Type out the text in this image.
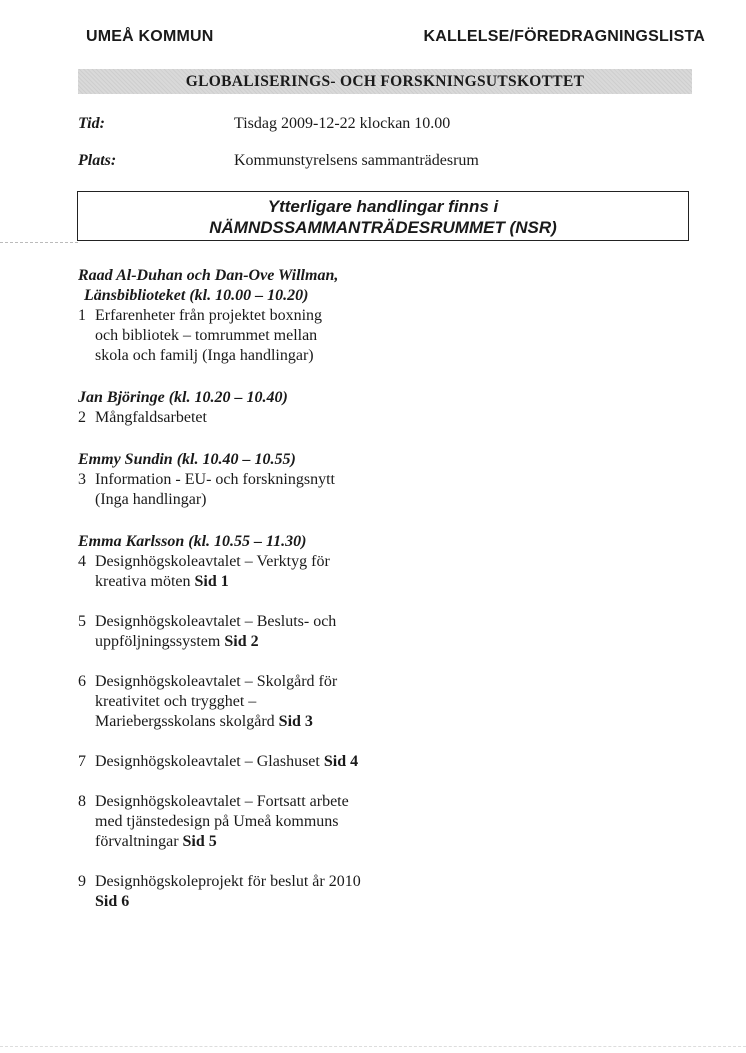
UMEÅ KOMMUN	KALLELSE/FÖREDRAGNINGSLISTA
GLOBALISERINGS- OCH FORSKNINGSUTSKOTTET
Tid:	Tisdag 2009-12-22 klockan 10.00
Plats:	Kommunstyrelsens sammanträdesrum
Ytterligare handlingar finns i
NÄMNDSSAMMANTRÄDESRUMMET (NSR)
Raad Al-Duhan och Dan-Ove Willman,
Länsbiblioteket (kl. 10.00 – 10.20)
1 Erfarenheter från projektet boxning
och bibliotek – tomrummet mellan
skola och familj (Inga handlingar)
Jan Björinge (kl. 10.20 – 10.40)
2 Mångfaldsarbetet
Emmy Sundin (kl. 10.40 – 10.55)
3 Information - EU- och forskningsnytt
(Inga handlingar)
Emma Karlsson (kl. 10.55 – 11.30)
4 Designhögskoleavtalet – Verktyg för
kreativa möten Sid 1
5 Designhögskoleavtalet – Besluts- och
uppföljningssystem Sid 2
6 Designhögskoleavtalet – Skolgård för
kreativitet och trygghet –
Mariebergsskolans skolgård Sid 3
7 Designhögskoleavtalet – Glashuset Sid 4
8 Designhögskoleavtalet – Fortsatt arbete
med tjänstedesign på Umeå kommuns
förvaltningar Sid 5
9 Designhögskoleprojekt för beslut år 2010
Sid 6
